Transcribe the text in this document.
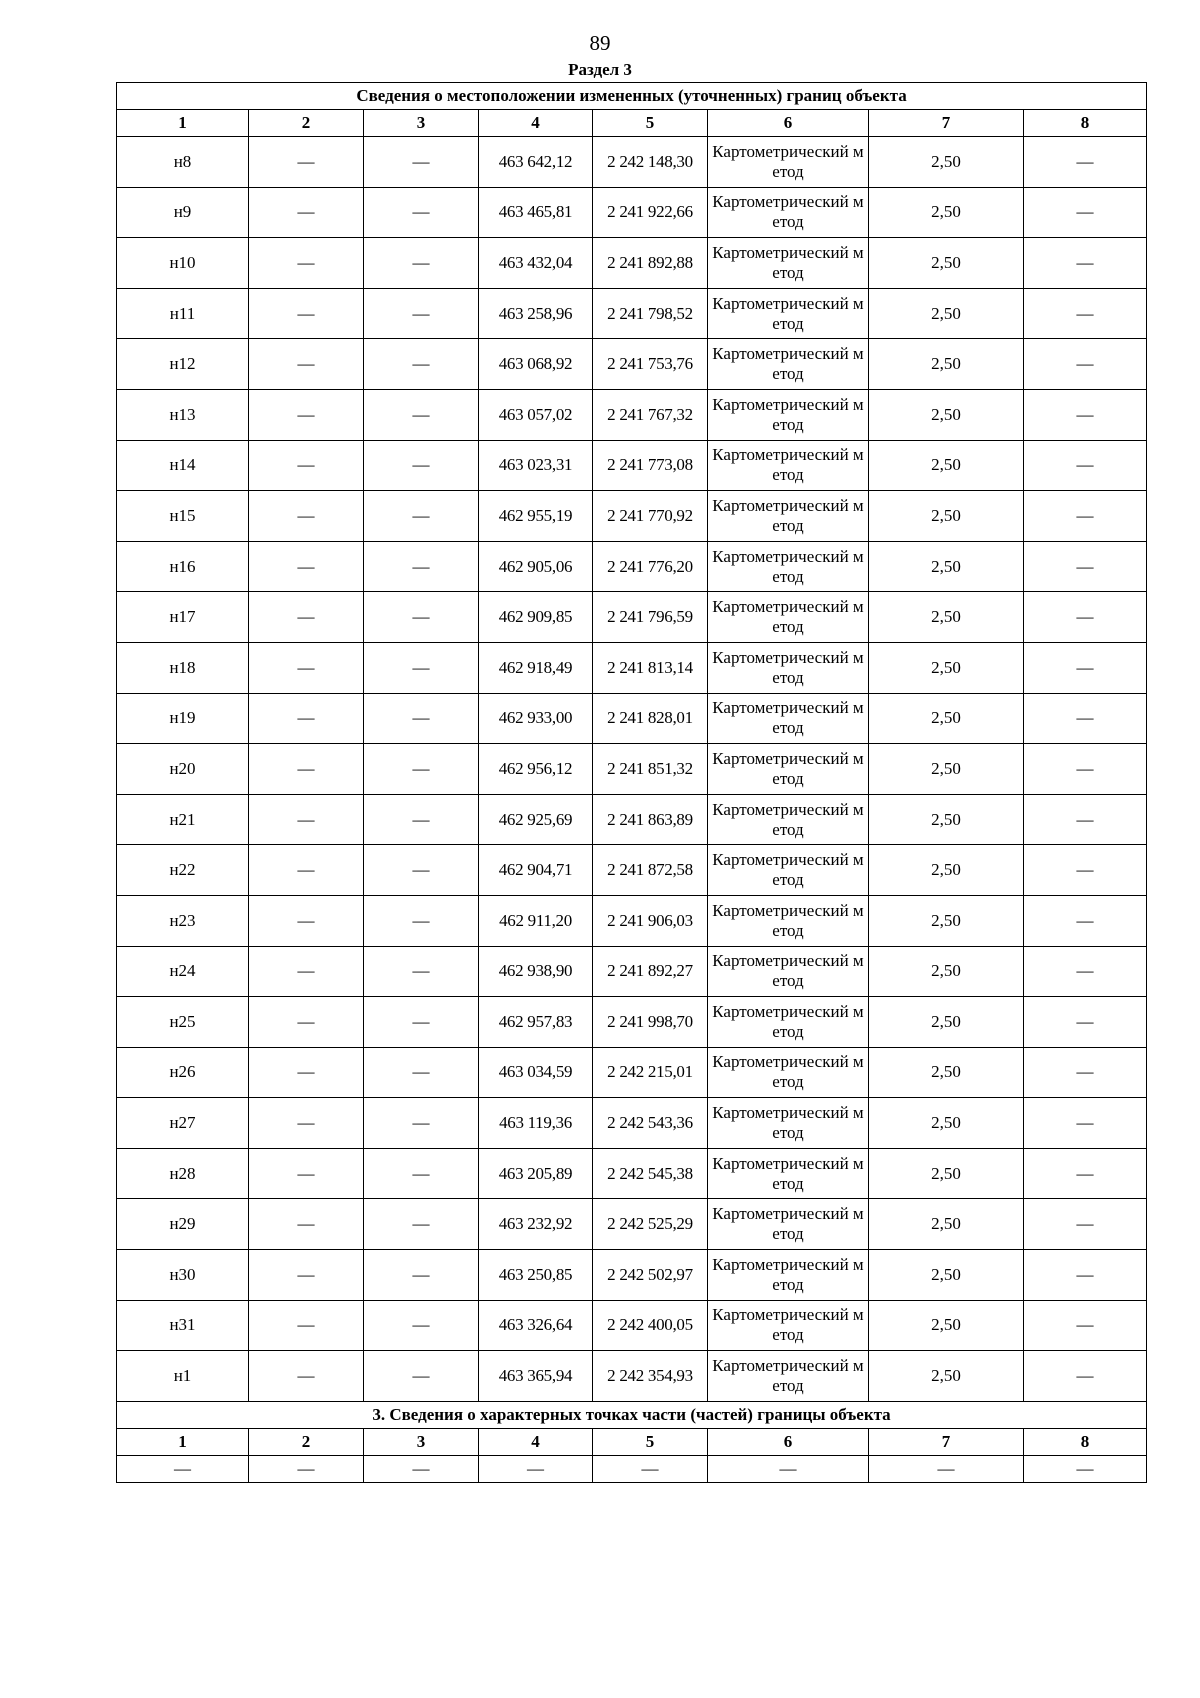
89
Раздел 3
Сведения о местоположении измененных (уточненных) границ объекта							
1	2	3	4	5	6	7	8
н8	—	—	463 642,12	2 242 148,30	Картометрический метод	2,50	—
н9	—	—	463 465,81	2 241 922,66	Картометрический метод	2,50	—
н10	—	—	463 432,04	2 241 892,88	Картометрический метод	2,50	—
н11	—	—	463 258,96	2 241 798,52	Картометрический метод	2,50	—
н12	—	—	463 068,92	2 241 753,76	Картометрический метод	2,50	—
н13	—	—	463 057,02	2 241 767,32	Картометрический метод	2,50	—
н14	—	—	463 023,31	2 241 773,08	Картометрический метод	2,50	—
н15	—	—	462 955,19	2 241 770,92	Картометрический метод	2,50	—
н16	—	—	462 905,06	2 241 776,20	Картометрический метод	2,50	—
н17	—	—	462 909,85	2 241 796,59	Картометрический метод	2,50	—
н18	—	—	462 918,49	2 241 813,14	Картометрический метод	2,50	—
н19	—	—	462 933,00	2 241 828,01	Картометрический метод	2,50	—
н20	—	—	462 956,12	2 241 851,32	Картометрический метод	2,50	—
н21	—	—	462 925,69	2 241 863,89	Картометрический метод	2,50	—
н22	—	—	462 904,71	2 241 872,58	Картометрический метод	2,50	—
н23	—	—	462 911,20	2 241 906,03	Картометрический метод	2,50	—
н24	—	—	462 938,90	2 241 892,27	Картометрический метод	2,50	—
н25	—	—	462 957,83	2 241 998,70	Картометрический метод	2,50	—
н26	—	—	463 034,59	2 242 215,01	Картометрический метод	2,50	—
н27	—	—	463 119,36	2 242 543,36	Картометрический метод	2,50	—
н28	—	—	463 205,89	2 242 545,38	Картометрический метод	2,50	—
н29	—	—	463 232,92	2 242 525,29	Картометрический метод	2,50	—
н30	—	—	463 250,85	2 242 502,97	Картометрический метод	2,50	—
н31	—	—	463 326,64	2 242 400,05	Картометрический метод	2,50	—
н1	—	—	463 365,94	2 242 354,93	Картометрический метод	2,50	—
3. Сведения о характерных точках части (частей) границы объекта							
1	2	3	4	5	6	7	8
—	—	—	—	—	—	—	—
